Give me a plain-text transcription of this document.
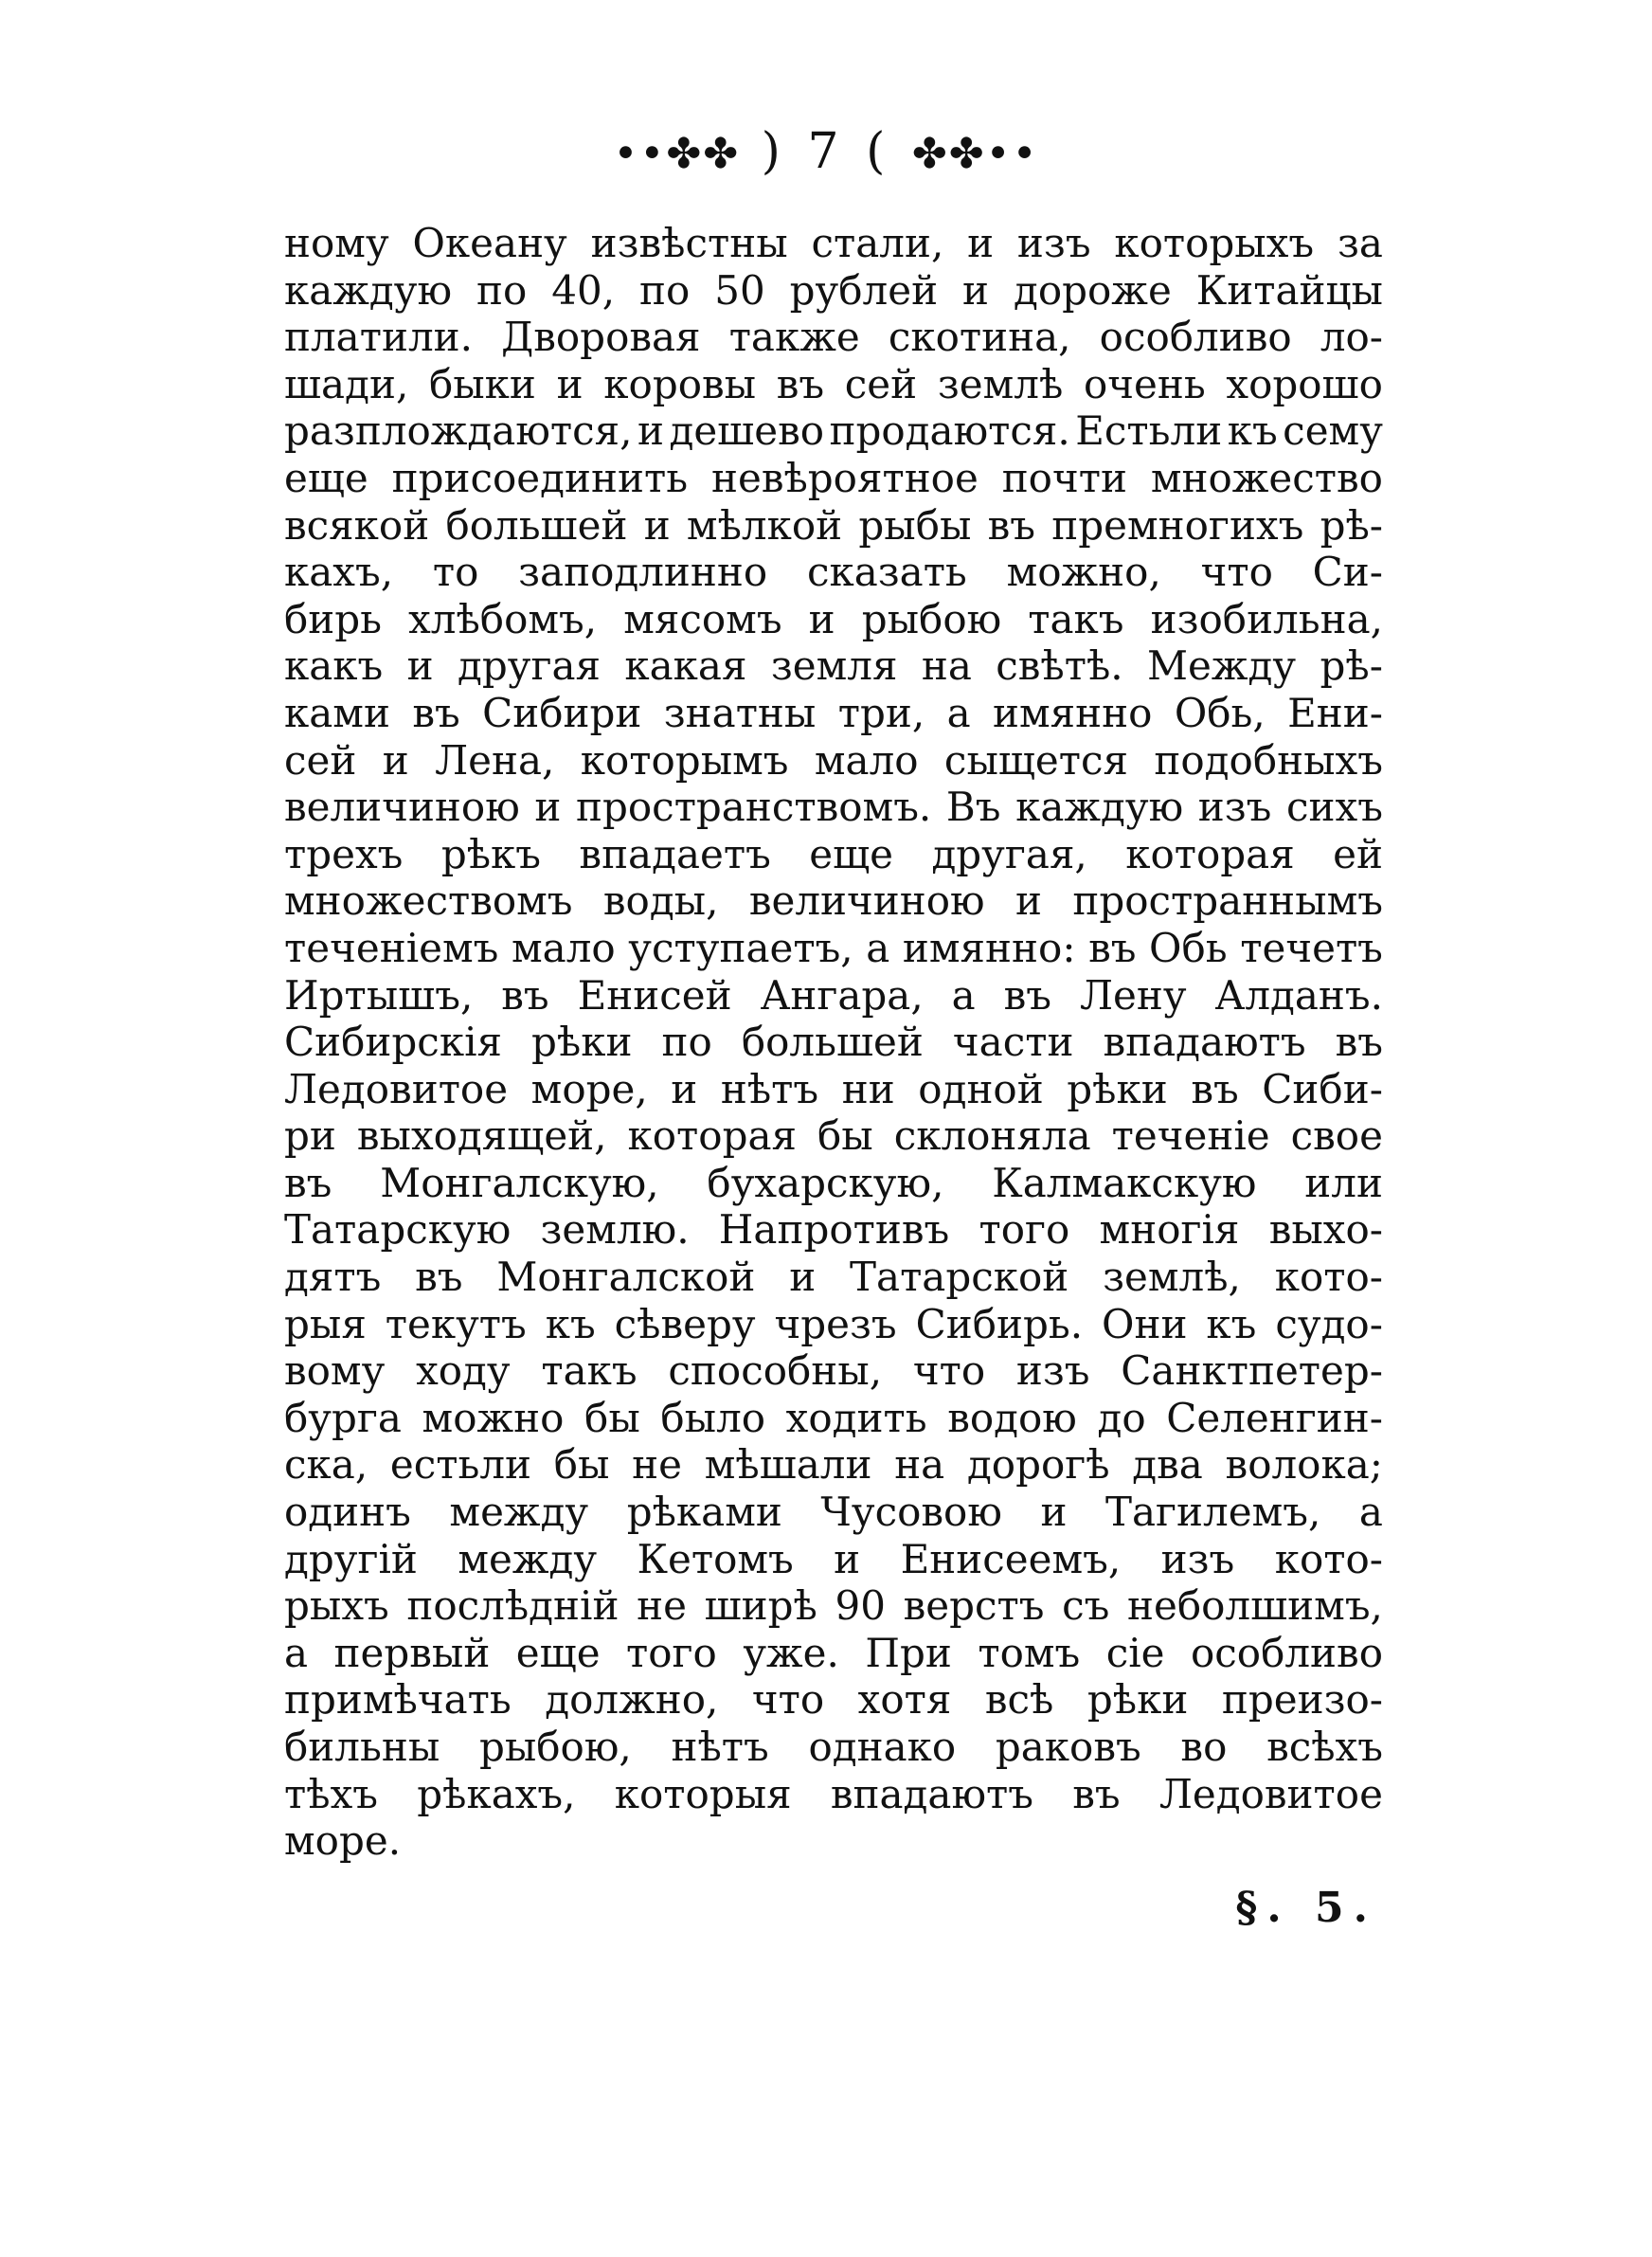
••✤✤ ) 7 ( ✤✤••
ному Океану извѣстны стали, и изъ которыхъ за
каждую по 40, по 50 рублей и дороже Китайцы
платили. Дворовая также скотина, особливо ло-
шади, быки и коровы въ сей землѣ очень хорошо
разплождаются, и дешево продаются. Естьли къ сему
еще присоединить невѣроятное почти множество
всякой большей и мѣлкой рыбы въ премногихъ рѣ-
кахъ, то заподлинно сказать можно, что Си-
бирь хлѣбомъ, мясомъ и рыбою такъ изобильна,
какъ и другая какая земля на свѣтѣ. Между рѣ-
ками въ Сибири знатны три, а имянно Обь, Ени-
сей и Лена, которымъ мало сыщется подобныхъ
величиною и пространствомъ. Въ каждую изъ сихъ
трехъ рѣкъ впадаетъ еще другая, которая ей
множествомъ воды, величиною и пространнымъ
теченіемъ мало уступаетъ, а имянно: въ Обь течетъ
Иртышъ, въ Енисей Ангара, а въ Лену Алданъ.
Сибирскія рѣки по большей части впадаютъ въ
Ледовитое море, и нѣтъ ни одной рѣки въ Сиби-
ри выходящей, которая бы склоняла теченіе свое
въ Монгалскую, бухарскую, Калмакскую или
Татарскую землю. Напротивъ того многія выхо-
дятъ въ Монгалской и Татарской землѣ, кото-
рыя текутъ къ сѣверу чрезъ Сибирь. Они къ судо-
вому ходу такъ способны, что изъ Санктпетер-
бурга можно бы было ходить водою до Селенгин-
ска, естьли бы не мѣшали на дорогѣ два волока;
одинъ между рѣками Чусовою и Тагилемъ, а
другій между Кетомъ и Енисеемъ, изъ кото-
рыхъ послѣдній не ширѣ 90 верстъ съ неболшимъ,
а первый еще того уже. При томъ сіе особливо
примѣчать должно, что хотя всѣ рѣки преизо-
бильны рыбою, нѣтъ однако раковъ во всѣхъ
тѣхъ рѣкахъ, которыя впадаютъ въ Ледовитое
море.
§. 5.
